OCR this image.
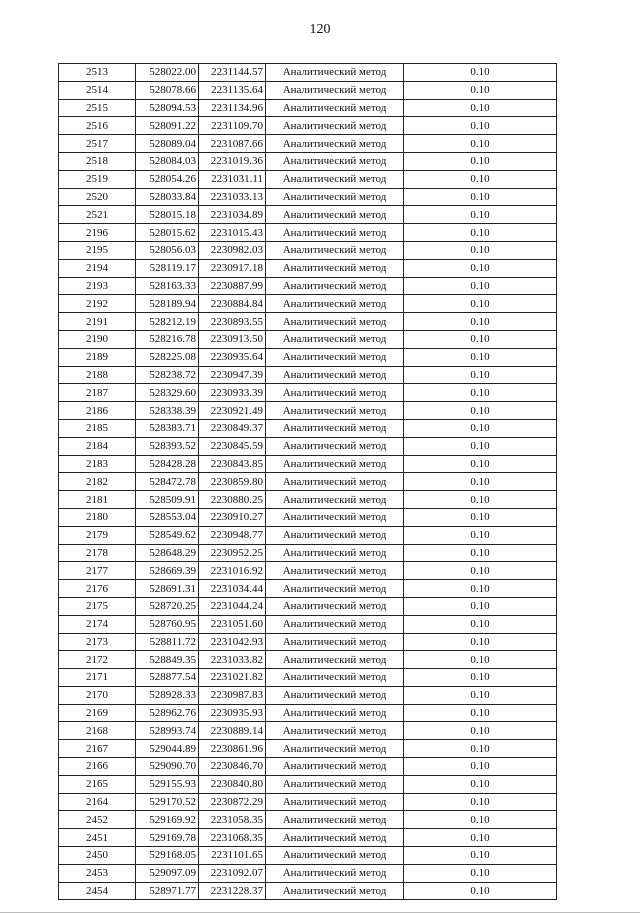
120
2513	528022.00	2231144.57	Аналитический метод	0.10
2514	528078.66	2231135.64	Аналитический метод	0.10
2515	528094.53	2231134.96	Аналитический метод	0.10
2516	528091.22	2231109.70	Аналитический метод	0.10
2517	528089.04	2231087.66	Аналитический метод	0.10
2518	528084.03	2231019.36	Аналитический метод	0.10
2519	528054.26	2231031.11	Аналитический метод	0.10
2520	528033.84	2231033.13	Аналитический метод	0.10
2521	528015.18	2231034.89	Аналитический метод	0.10
2196	528015.62	2231015.43	Аналитический метод	0.10
2195	528056.03	2230982.03	Аналитический метод	0.10
2194	528119.17	2230917.18	Аналитический метод	0.10
2193	528163.33	2230887.99	Аналитический метод	0.10
2192	528189.94	2230884.84	Аналитический метод	0.10
2191	528212.19	2230893.55	Аналитический метод	0.10
2190	528216.78	2230913.50	Аналитический метод	0.10
2189	528225.08	2230935.64	Аналитический метод	0.10
2188	528238.72	2230947.39	Аналитический метод	0.10
2187	528329.60	2230933.39	Аналитический метод	0.10
2186	528338.39	2230921.49	Аналитический метод	0.10
2185	528383.71	2230849.37	Аналитический метод	0.10
2184	528393.52	2230845.59	Аналитический метод	0.10
2183	528428.28	2230843.85	Аналитический метод	0.10
2182	528472.78	2230859.80	Аналитический метод	0.10
2181	528509.91	2230880.25	Аналитический метод	0.10
2180	528553.04	2230910.27	Аналитический метод	0.10
2179	528549.62	2230948.77	Аналитический метод	0.10
2178	528648.29	2230952.25	Аналитический метод	0.10
2177	528669.39	2231016.92	Аналитический метод	0.10
2176	528691.31	2231034.44	Аналитический метод	0.10
2175	528720.25	2231044.24	Аналитический метод	0.10
2174	528760.95	2231051.60	Аналитический метод	0.10
2173	528811.72	2231042.93	Аналитический метод	0.10
2172	528849.35	2231033.82	Аналитический метод	0.10
2171	528877.54	2231021.82	Аналитический метод	0.10
2170	528928.33	2230987.83	Аналитический метод	0.10
2169	528962.76	2230935.93	Аналитический метод	0.10
2168	528993.74	2230889.14	Аналитический метод	0.10
2167	529044.89	2230861.96	Аналитический метод	0.10
2166	529090.70	2230846.70	Аналитический метод	0.10
2165	529155.93	2230840.80	Аналитический метод	0.10
2164	529170.52	2230872.29	Аналитический метод	0.10
2452	529169.92	2231058.35	Аналитический метод	0.10
2451	529169.78	2231068.35	Аналитический метод	0.10
2450	529168.05	2231101.65	Аналитический метод	0.10
2453	529097.09	2231092.07	Аналитический метод	0.10
2454	528971.77	2231228.37	Аналитический метод	0.10
